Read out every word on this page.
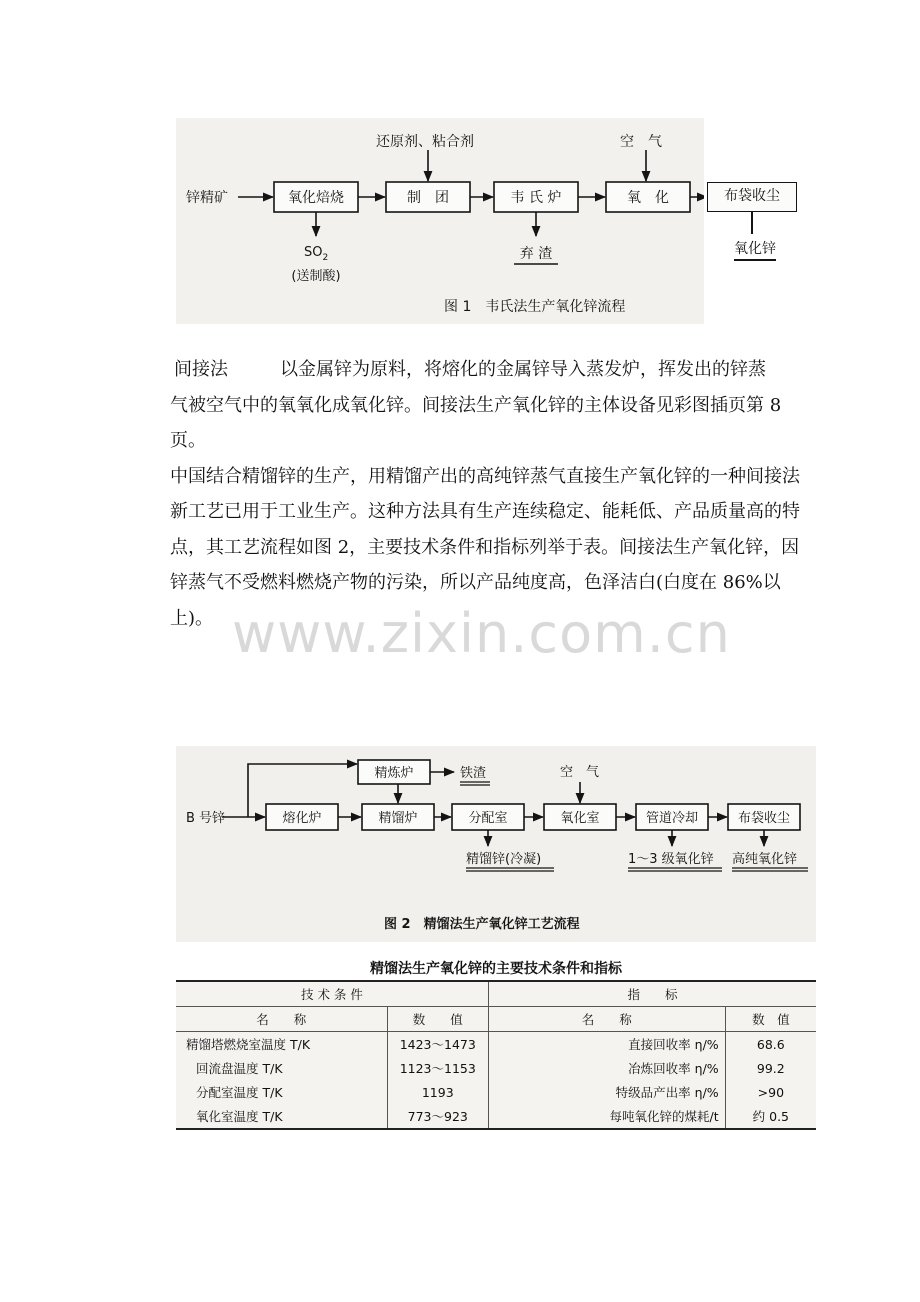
锌精矿	氧化焙烧	制　团	韦 氏 炉	氧　化
还原剂、粘合剂	空　气
$SO_2$
(送制酸)
弃 渣
图 1　韦氏法生产氧化锌流程
布袋收尘
氧化锌

间接法	以金属锌为原料，将熔化的金属锌导入蒸发炉，挥发出的锌蒸

气被空气中的氧氧化成氧化锌。间接法生产氧化锌的主体设备见彩图插页第 8 页。

中国结合精馏锌的生产，用精馏产出的高纯锌蒸气直接生产氧化锌的一种间接法

新工艺已用于工业生产。这种方法具有生产连续稳定、能耗低、产品质量高的特

点，其工艺流程如图 2，主要技术条件和指标列举于表。间接法生产氧化锌，因

锌蒸气不受燃料燃烧产物的污染，所以产品纯度高，色泽洁白(白度在 86%以

上)。 www.zixin.com.cn
B 号锌	熔化炉	精馏炉	分配室	氧化室	管道冷却	布袋收尘
精炼炉	空　气
铁渣
精馏锌(冷凝)	1～3 级氧化锌 高纯氧化锌
图 2　精馏法生产氧化锌工艺流程
精馏法生产氧化锌的主要技术条件和指标
技 术 条 件		指　　标	
名　　称	数　　值	名　　称	数　值
精馏塔燃烧室温度 T/K	1423～1473	直接回收率 η/%	68.6
回流盘温度 T/K	1123～1153	冶炼回收率 η/%	99.2
分配室温度 T/K	1193	特级品产出率 η/%	>90
氧化室温度 T/K	773～923	每吨氧化锌的煤耗/t	约 0.5
